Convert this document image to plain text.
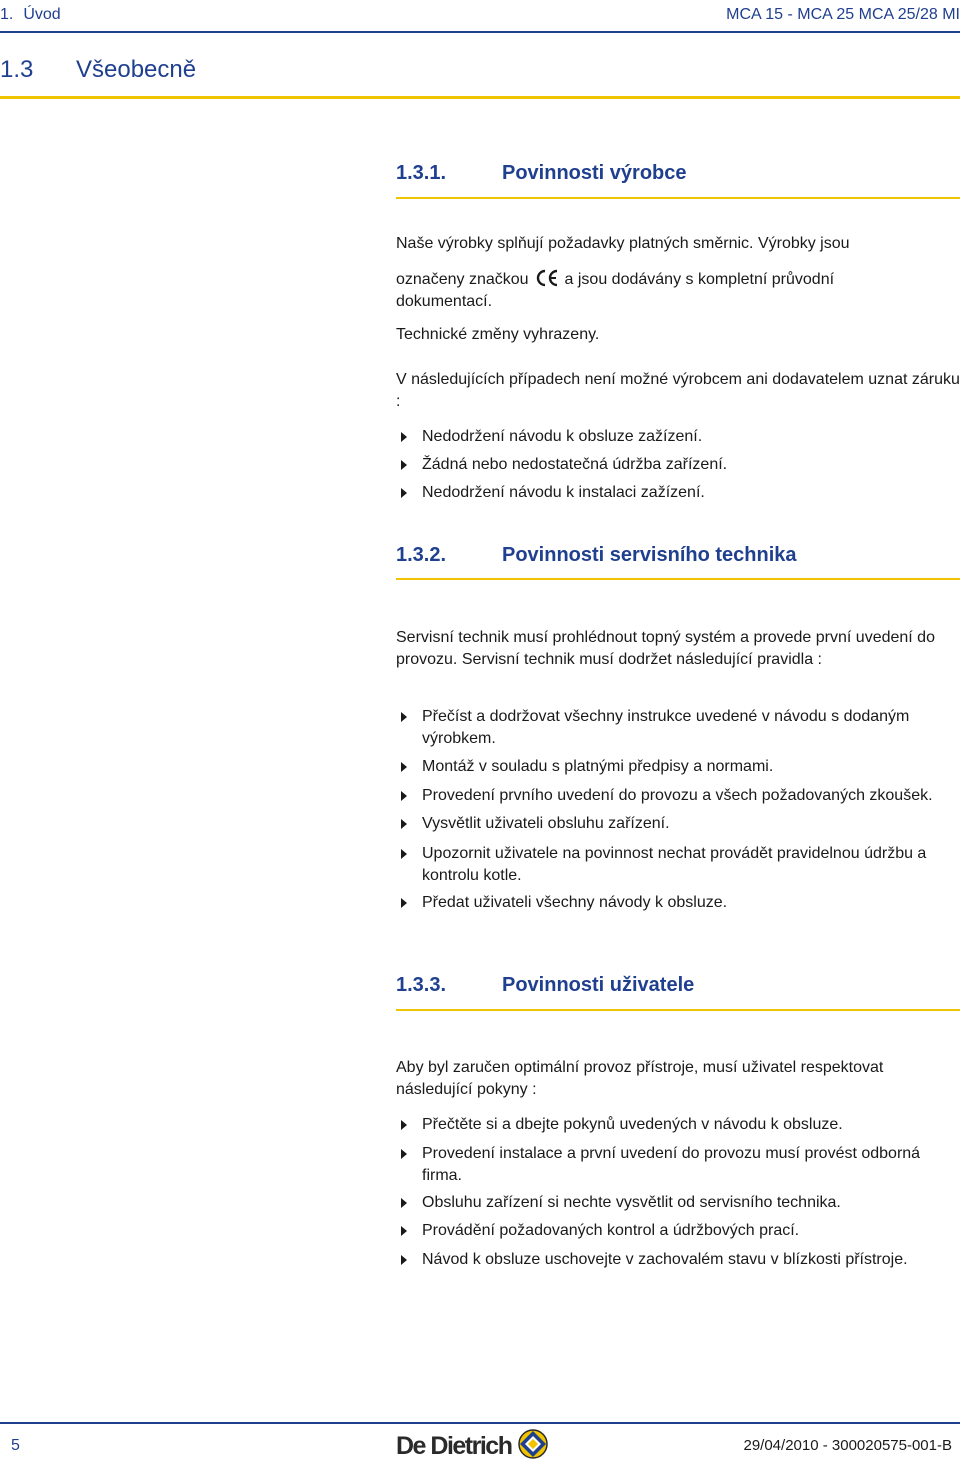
1. Úvod	MCA 15 - MCA 25 MCA 25/28 MI
1.3 Všeobecně
1.3.1.	Povinnosti výrobce
Naše výrobky splňují požadavky platných směrnic. Výrobky jsou
označeny značkou a jsou dodávány s kompletní průvodní
dokumentací.
Technické změny vyhrazeny.
V následujících případech není možné výrobcem ani dodavatelem uznat záruku :
Nedodržení návodu k obsluze zažízení.
Žádná nebo nedostatečná údržba zařízení.
Nedodržení návodu k instalaci zažízení.
1.3.2.	Povinnosti servisního technika
Servisní technik musí prohlédnout topný systém a provede první uvedení do provozu. Servisní technik musí dodržet následující pravidla :
Přečíst a dodržovat všechny instrukce uvedené v návodu s dodaným výrobkem.
Montáž v souladu s platnými předpisy a normami.
Provedení prvního uvedení do provozu a všech požadovaných zkoušek.
Vysvětlit uživateli obsluhu zařízení.
Upozornit uživatele na povinnost nechat provádět pravidelnou údržbu a kontrolu kotle.
Předat uživateli všechny návody k obsluze.
1.3.3.	Povinnosti uživatele
Aby byl zaručen optimální provoz přístroje, musí uživatel respektovat následující pokyny :
Přečtěte si a dbejte pokynů uvedených v návodu k obsluze.
Provedení instalace a první uvedení do provozu musí provést odborná firma.
Obsluhu zařízení si nechte vysvětlit od servisního technika.
Provádění požadovaných kontrol a údržbových prací.
Návod k obsluze uschovejte v zachovalém stavu v blízkosti přístroje.
5	De Dietrich	29/04/2010 - 300020575-001-B
